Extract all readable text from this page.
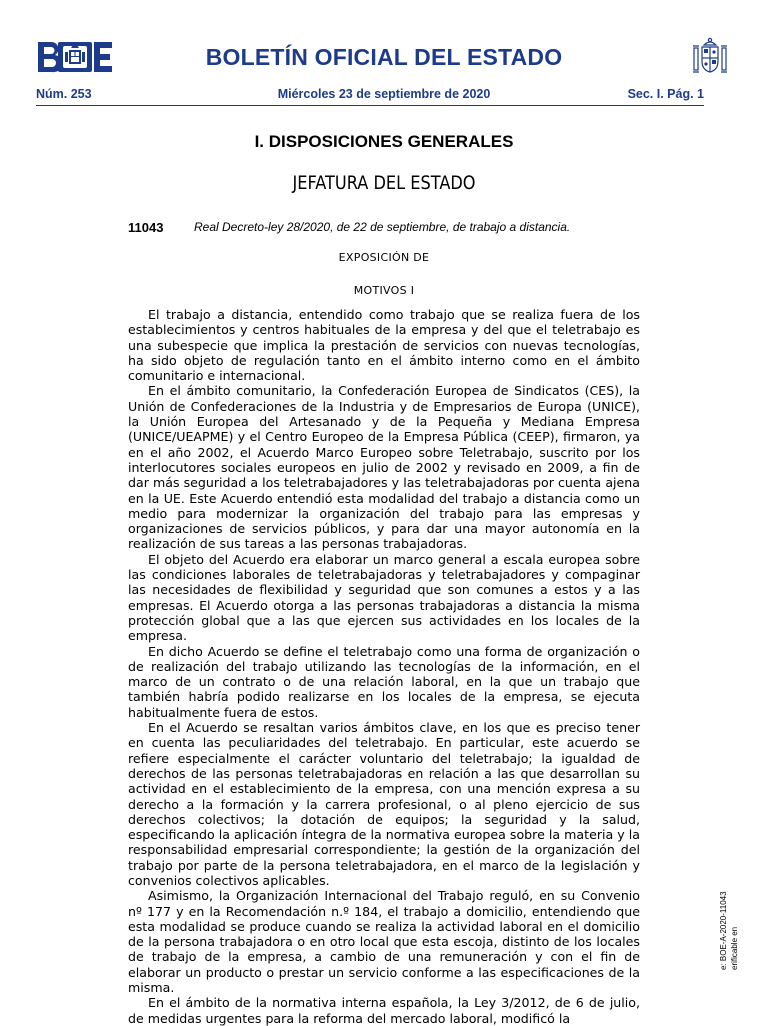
BOLETÍN OFICIAL DEL ESTADO
Núm. 253	Miércoles 23 de septiembre de 2020	Sec. I. Pág. 1
I. DISPOSICIONES GENERALES
JEFATURA DEL ESTADO
11043	Real Decreto-ley 28/2020, de 22 de septiembre, de trabajo a distancia.
EXPOSICIÓN DE
MOTIVOS I

El trabajo a distancia, entendido como trabajo que se realiza fuera de los establecimientos y centros habituales de la empresa y del que el teletrabajo es una subespecie que implica la prestación de servicios con nuevas tecnologías, ha sido objeto de regulación tanto en el ámbito interno como en el ámbito comunitario e internacional.

En el ámbito comunitario, la Confederación Europea de Sindicatos (CES), la Unión de Confederaciones de la Industria y de Empresarios de Europa (UNICE), la Unión Europea del Artesanado y de la Pequeña y Mediana Empresa (UNICE/UEAPME) y el Centro Europeo de la Empresa Pública (CEEP), firmaron, ya en el año 2002, el Acuerdo Marco Europeo sobre Teletrabajo, suscrito por los interlocutores sociales europeos en julio de 2002 y revisado en 2009, a fin de dar más seguridad a los teletrabajadores y las teletrabajadoras por cuenta ajena en la UE. Este Acuerdo entendió esta modalidad del trabajo a distancia como un medio para modernizar la organización del trabajo para las empresas y organizaciones de servicios públicos, y para dar una mayor autonomía en la realización de sus tareas a las personas trabajadoras.

El objeto del Acuerdo era elaborar un marco general a escala europea sobre las condiciones laborales de teletrabajadoras y teletrabajadores y compaginar las necesidades de flexibilidad y seguridad que son comunes a estos y a las empresas. El Acuerdo otorga a las personas trabajadoras a distancia la misma protección global que a las que ejercen sus actividades en los locales de la empresa.

En dicho Acuerdo se define el teletrabajo como una forma de organización o de realización del trabajo utilizando las tecnologías de la información, en el marco de un contrato o de una relación laboral, en la que un trabajo que también habría podido realizarse en los locales de la empresa, se ejecuta habitualmente fuera de estos.

En el Acuerdo se resaltan varios ámbitos clave, en los que es preciso tener en cuenta las peculiaridades del teletrabajo. En particular, este acuerdo se refiere especialmente el carácter voluntario del teletrabajo; la igualdad de derechos de las personas teletrabajadoras en relación a las que desarrollan su actividad en el establecimiento de la empresa, con una mención expresa a su derecho a la formación y la carrera profesional, o al pleno ejercicio de sus derechos colectivos; la dotación de equipos; la seguridad y la salud, especificando la aplicación íntegra de la normativa europea sobre la materia y la responsabilidad empresarial correspondiente; la gestión de la organización del trabajo por parte de la persona teletrabajadora, en el marco de la legislación y convenios colectivos aplicables.

Asimismo, la Organización Internacional del Trabajo reguló, en su Convenio nº 177 y en la Recomendación n.º 184, el trabajo a domicilio, entendiendo que esta modalidad se produce cuando se realiza la actividad laboral en el domicilio de la persona trabajadora o en otro local que esta escoja, distinto de los locales de trabajo de la empresa, a cambio de una remuneración y con el fin de elaborar un producto o prestar un servicio conforme a las especificaciones de la misma.

En el ámbito de la normativa interna española, la Ley 3/2012, de 6 de julio, de medidas urgentes para la reforma del mercado laboral, modificó la

e: BOE-A-2020-11043 erificable en
